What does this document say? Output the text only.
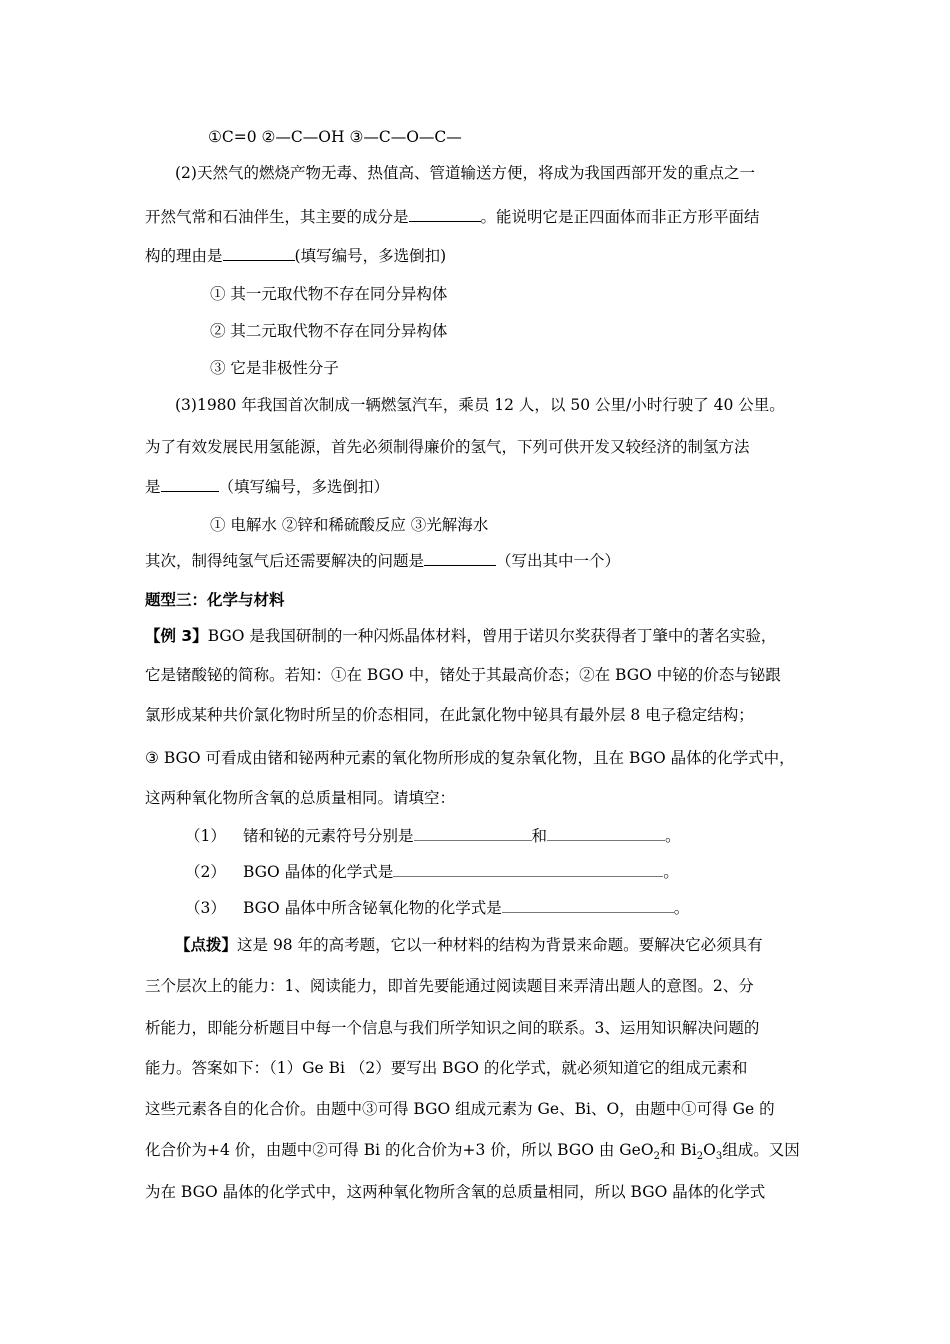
①C=0 ②—C—OH ③—C—O—C—
(2)天然气的燃烧产物无毒、热值高、管道输送方便，将成为我国西部开发的重点之一
开然气常和石油伴生，其主要的成分是	。能说明它是正四面体而非正方形平面结
构的理由是	(填写编号，多选倒扣)
① 其一元取代物不存在同分异构体
② 其二元取代物不存在同分异构体
③ 它是非极性分子
(3)1980 年我国首次制成一辆燃氢汽车，乘员 12 人，以 50 公里/小时行驶了 40 公里。
为了有效发展民用氢能源，首先必须制得廉价的氢气，下列可供开发又较经济的制氢方法
是	（填写编号，多选倒扣）
① 电解水 ②锌和稀硫酸反应 ③光解海水
其次，制得纯氢气后还需要解决的问题是	（写出其中一个）
题型三：化学与材料
【例 3】BGO 是我国研制的一种闪烁晶体材料，曾用于诺贝尔奖获得者丁肇中的著名实验，
它是锗酸铋的简称。若知：①在 BGO 中，锗处于其最高价态；②在 BGO 中铋的价态与铋跟
氯形成某种共价氯化物时所呈的价态相同，在此氯化物中铋具有最外层 8 电子稳定结构；
③ BGO 可看成由锗和铋两种元素的氧化物所形成的复杂氧化物，且在 BGO 晶体的化学式中，
这两种氧化物所含氧的总质量相同。请填空：
（1） 锗和铋的元素符号分别是	和	。
（2） BGO 晶体的化学式是	。
（3） BGO 晶体中所含铋氧化物的化学式是	。
【点拨】这是 98 年的高考题，它以一种材料的结构为背景来命题。要解决它必须具有
三个层次上的能力：1、阅读能力，即首先要能通过阅读题目来弄清出题人的意图。2、分
析能力，即能分析题目中每一个信息与我们所学知识之间的联系。3、运用知识解决问题的
能力。答案如下：（1）Ge Bi （2）要写出 BGO 的化学式，就必须知道它的组成元素和
这些元素各自的化合价。由题中③可得 BGO 组成元素为 Ge、Bi、O，由题中①可得 Ge 的
化合价为+4 价，由题中②可得 Bi 的化合价为+3 价，所以 BGO 由 GeO$_2$和 $Bi_2O_3$组成。又因
为在 BGO 晶体的化学式中，这两种氧化物所含氧的总质量相同，所以 BGO 晶体的化学式
